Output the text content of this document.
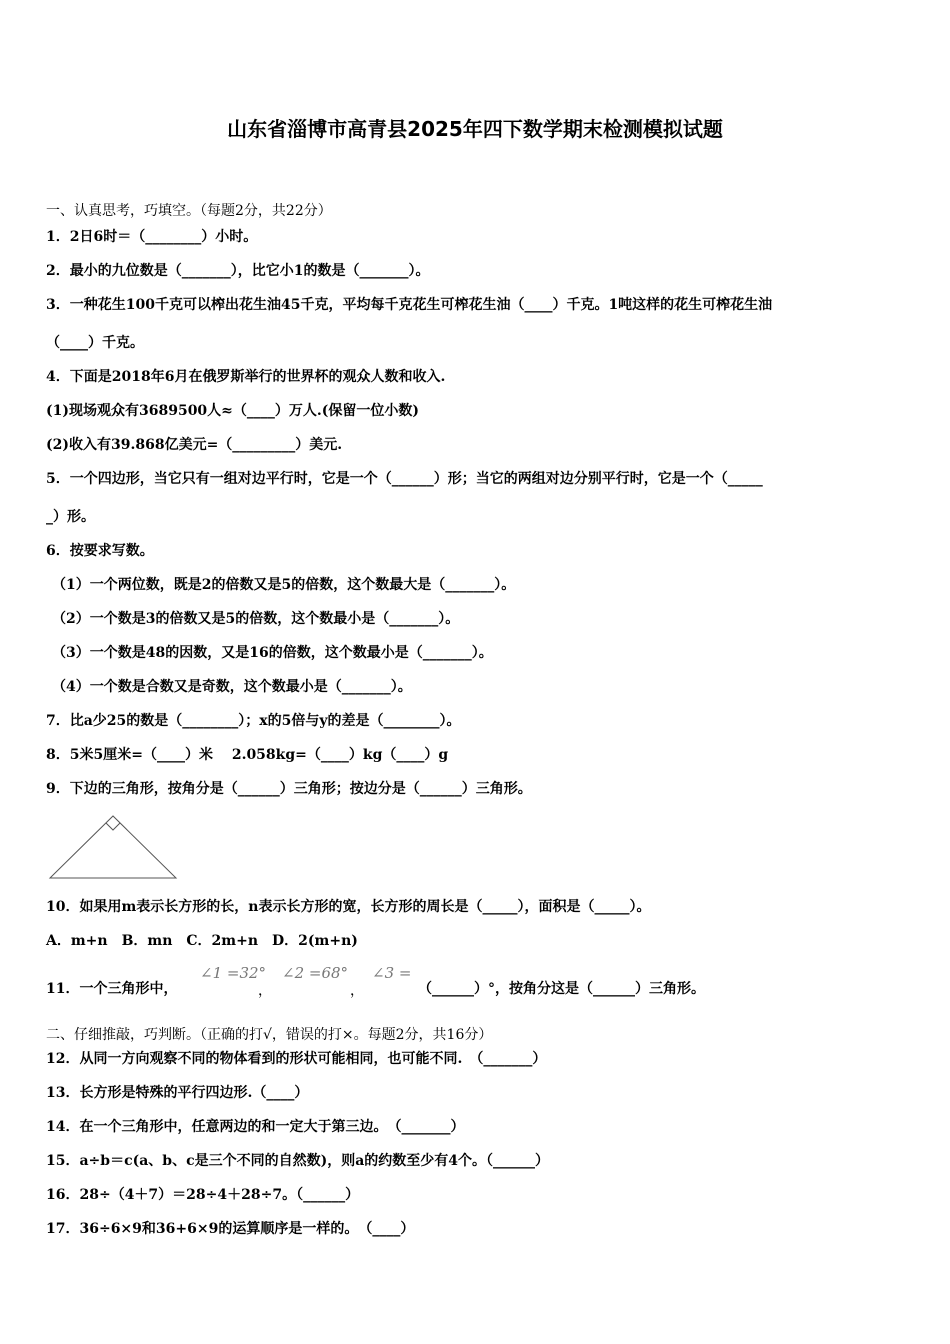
山东省淄博市高青县2025年四下数学期末检测模拟试题
一、认真思考，巧填空。（每题2分，共22分）
1．2日6时＝（________）小时。
2．最小的九位数是（_______），比它小1的数是（_______）。
3．一种花生100千克可以榨出花生油45千克，平均每千克花生可榨花生油（____）千克。1吨这样的花生可榨花生油
（____）千克。
4．下面是2018年6月在俄罗斯举行的世界杯的观众人数和收入.
(1)现场观众有3689500人≈（____）万人.(保留一位小数)
(2)收入有39.868亿美元=（_________）美元.
5．一个四边形，当它只有一组对边平行时，它是一个（______）形；当它的两组对边分别平行时，它是一个（_____
_）形。
6．按要求写数。
（1）一个两位数，既是2的倍数又是5的倍数，这个数最大是（_______）。
（2）一个数是3的倍数又是5的倍数，这个数最小是（_______）。
（3）一个数是48的因数，又是16的倍数，这个数最小是（_______）。
（4）一个数是合数又是奇数，这个数最小是（_______）。
7．比a少25的数是（________）；x的5倍与y的差是（________）。
8．5米5厘米=（____）米　 2.058kg=（____）kg（____）g
9．下边的三角形，按角分是（______）三角形；按边分是（______）三角形。
10．如果用m表示长方形的长，n表示长方形的宽，长方形的周长是（_____），面积是（_____）。
A．m+n　B．mn　C．2m+n　D．2(m+n)
11．一个三角形中，
∠1 =32°
，
∠2 =68°
，
∠3 =
（______）°，按角分这是（______）三角形。
二、仔细推敲，巧判断。（正确的打√，错误的打×。每题2分，共16分）
12．从同一方向观察不同的物体看到的形状可能相同，也可能不同.　（_______）
13．长方形是特殊的平行四边形.（____）
14．在一个三角形中，任意两边的和一定大于第三边。　（_______）
15．a÷b＝c(a、b、c是三个不同的自然数)，则a的约数至少有4个。（______）
16．28÷（4＋7）＝28÷4＋28÷7。（______）
17．36÷6×9和36+6×9的运算顺序是一样的。　（____）
